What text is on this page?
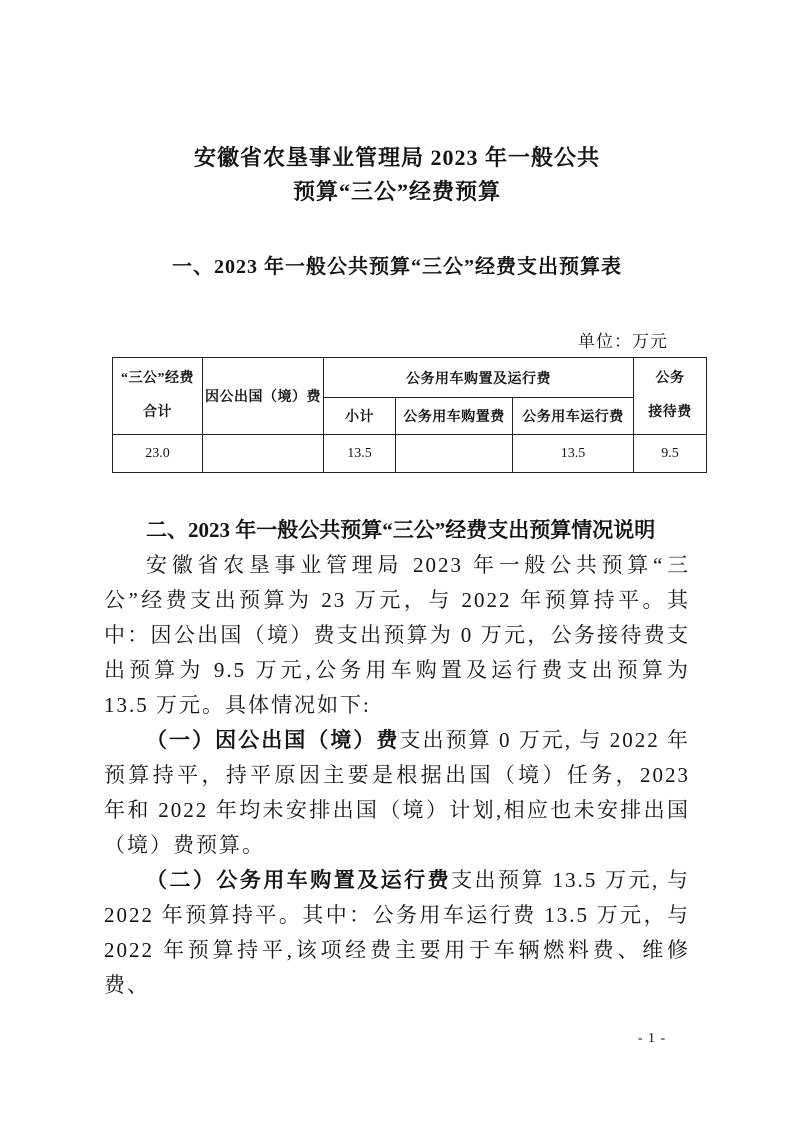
安徽省农垦事业管理局 2023 年一般公共
预算“三公”经费预算
一、2023 年一般公共预算“三公”经费支出预算表
单位：万元
“三公”经费
合计	因公出国（境）费	公务用车购置及运行费			公务
接待费

		小计	公务用车购置费	公务用车运行费	
23.0		13.5		13.5	9.5

二、2023 年一般公共预算“三公”经费支出预算情况说明

安徽省农垦事业管理局 2023 年一般公共预算“三公”经费支出预算为 23 万元，与 2022 年预算持平。其中：因公出国（境）费支出预算为 0 万元，公务接待费支出预算为 9.5 万元,公务用车购置及运行费支出预算为 13.5 万元。具体情况如下:

（一）因公出国（境）费支出预算 0 万元, 与 2022 年预算持平，持平原因主要是根据出国（境）任务，2023 年和 2022 年均未安排出国（境）计划,相应也未安排出国（境）费预算。

（二）公务用车购置及运行费支出预算 13.5 万元, 与 2022 年预算持平。其中：公务用车运行费 13.5 万元，与 2022 年预算持平,该项经费主要用于车辆燃料费、维修费、

- 1 -
